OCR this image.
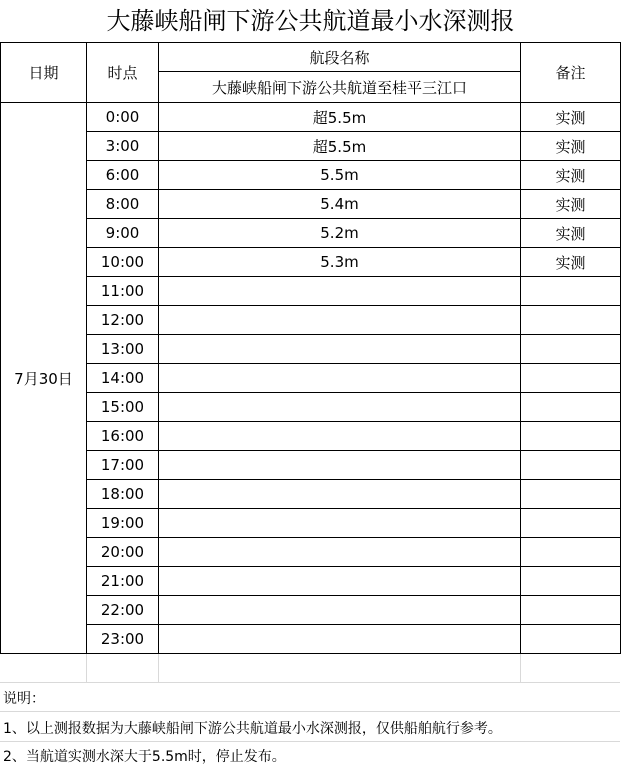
大藤峡船闸下游公共航道最小水深测报
日期	时点	航段名称	备注
		大藤峡船闸下游公共航道至桂平三江口	
7月30日	0:00	超5.5m	实测
	3:00	超5.5m	实测
	6:00	5.5m	实测
	8:00	5.4m	实测
	9:00	5.2m	实测
	10:00	5.3m	实测
	11:00		
	12:00		
	13:00		
	14:00		
	15:00		
	16:00		
	17:00		
	18:00		
	19:00		
	20:00		
	21:00		
	22:00		
	23:00		
说明：
1、以上测报数据为大藤峡船闸下游公共航道最小水深测报，仅供船舶航行参考。
2、当航道实测水深大于5.5m时，停止发布。
